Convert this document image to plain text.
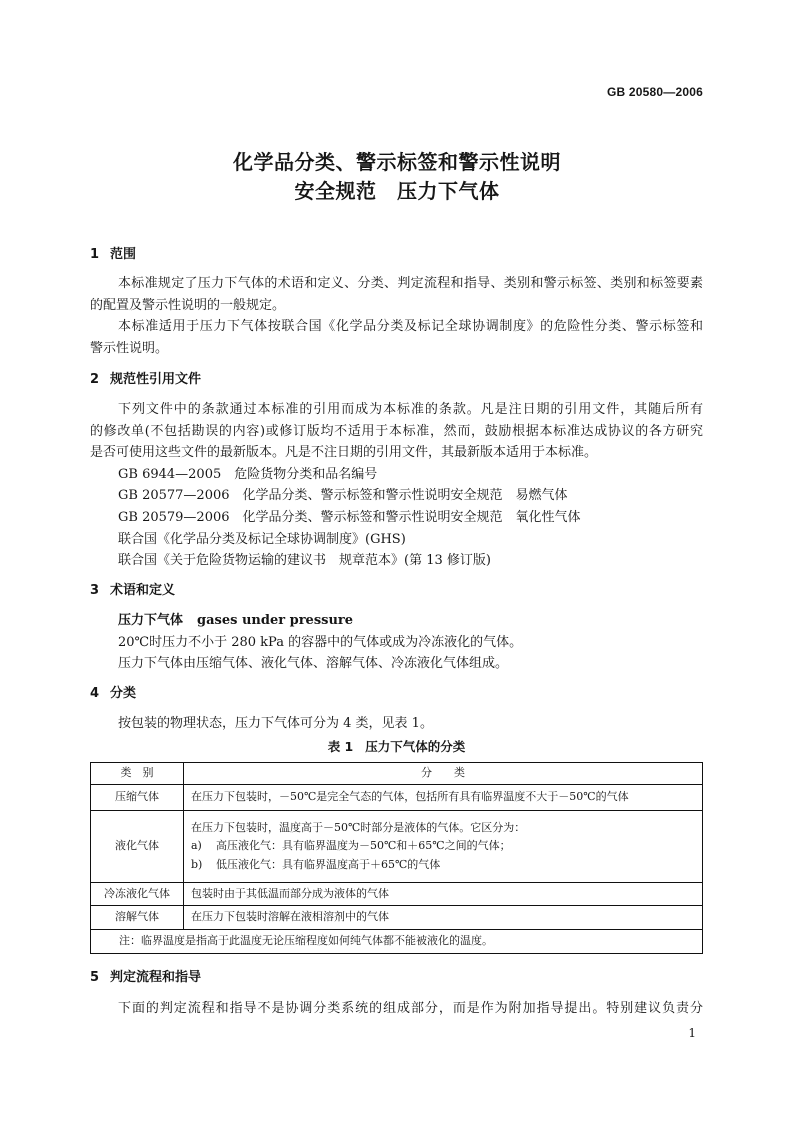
GB 20580—2006

化学品分类、警示标签和警示性说明

安全规范　压力下气体

1 范围

本标准规定了压力下气体的术语和定义、分类、判定流程和指导、类别和警示标签、类别和标签要素

的配置及警示性说明的一般规定。

本标准适用于压力下气体按联合国《化学品分类及标记全球协调制度》的危险性分类、警示标签和

警示性说明。

2 规范性引用文件

下列文件中的条款通过本标准的引用而成为本标准的条款。凡是注日期的引用文件，其随后所有

的修改单(不包括勘误的内容)或修订版均不适用于本标准，然而，鼓励根据本标准达成协议的各方研究

是否可使用这些文件的最新版本。凡是不注日期的引用文件，其最新版本适用于本标准。

GB 6944—2005 危险货物分类和品名编号

GB 20577—2006 化学品分类、警示标签和警示性说明安全规范　易燃气体

GB 20579—2006 化学品分类、警示标签和警示性说明安全规范　氧化性气体

联合国《化学品分类及标记全球协调制度》(GHS)

联合国《关于危险货物运输的建议书　规章范本》(第 13 修订版)

3 术语和定义

压力下气体 gases under pressure

20℃时压力不小于 280 kPa 的容器中的气体或成为冷冻液化的气体。

压力下气体由压缩气体、液化气体、溶解气体、冷冻液化气体组成。

4 分类

按包装的物理状态，压力下气体可分为 4 类，见表 1。

表 1 压力下气体的分类
类　别	分　　类
压缩气体	在压力下包装时，－50℃是完全气态的气体，包括所有具有临界温度不大于－50℃的气体
液化气体	在压力下包装时，温度高于－50℃时部分是液体的气体。它区分为：
a) 高压液化气：具有临界温度为－50℃和＋65℃之间的气体；
b) 低压液化气：具有临界温度高于＋65℃的气体

冷冻液化气体	包装时由于其低温而部分成为液体的气体
溶解气体	在压力下包装时溶解在液相溶剂中的气体
注：临界温度是指高于此温度无论压缩程度如何纯气体都不能被液化的温度。	
5 判定流程和指导

下面的判定流程和指导不是协调分类系统的组成部分，而是作为附加指导提出。特别建议负责分

1
